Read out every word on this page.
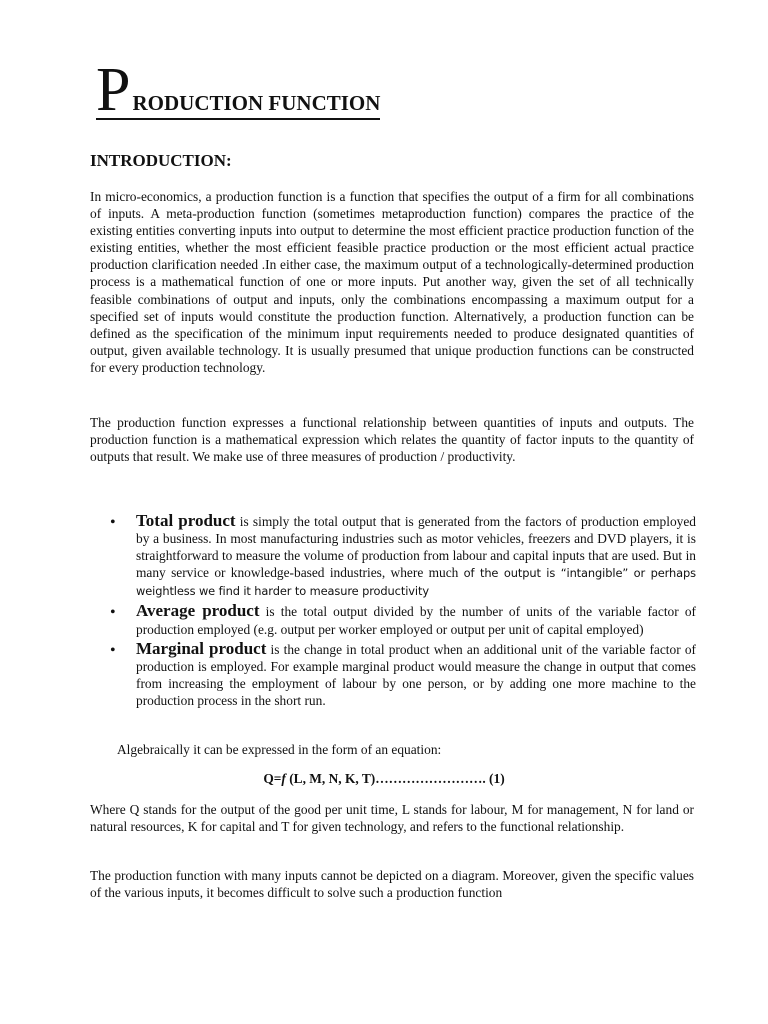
P RODUCTION FUNCTION
INTRODUCTION:

In micro-economics, a production function is a function that specifies the output of a firm for all combinations of inputs. A meta-production function (sometimes metaproduction function) compares the practice of the existing entities converting inputs into output to determine the most efficient practice production function of the existing entities, whether the most efficient feasible practice production or the most efficient actual practice production clarification needed .In either case, the maximum output of a technologically-determined production process is a mathematical function of one or more inputs. Put another way, given the set of all technically feasible combinations of output and inputs, only the combinations encompassing a maximum output for a specified set of inputs would constitute the production function. Alternatively, a production function can be defined as the specification of the minimum input requirements needed to produce designated quantities of output, given available technology. It is usually presumed that unique production functions can be constructed for every production technology.

The production function expresses a functional relationship between quantities of inputs and outputs. The production function is a mathematical expression which relates the quantity of factor inputs to the quantity of outputs that result. We make use of three measures of production / productivity.

• Total product is simply the total output that is generated from the factors of production employed by a business. In most manufacturing industries such as motor vehicles, freezers and DVD players, it is straightforward to measure the volume of production from labour and capital inputs that are used. But in many service or knowledge-based industries, where much of the output is “intangible” or perhaps weightless we find it harder to measure productivity
• Average product is the total output divided by the number of units of the variable factor of production employed (e.g. output per worker employed or output per unit of capital employed)
• Marginal product is the change in total product when an additional unit of the variable factor of production is employed. For example marginal product would measure the change in output that comes from increasing the employment of labour by one person, or by adding one more machine to the production process in the short run.

Algebraically it can be expressed in the form of an equation:

Q=f (L, M, N, K, T)……………………. (1)

Where Q stands for the output of the good per unit time, L stands for labour, M for management, N for land or natural resources, K for capital and T for given technology, and refers to the functional relationship.

The production function with many inputs cannot be depicted on a diagram. Moreover, given the specific values of the various inputs, it becomes difficult to solve such a production function
